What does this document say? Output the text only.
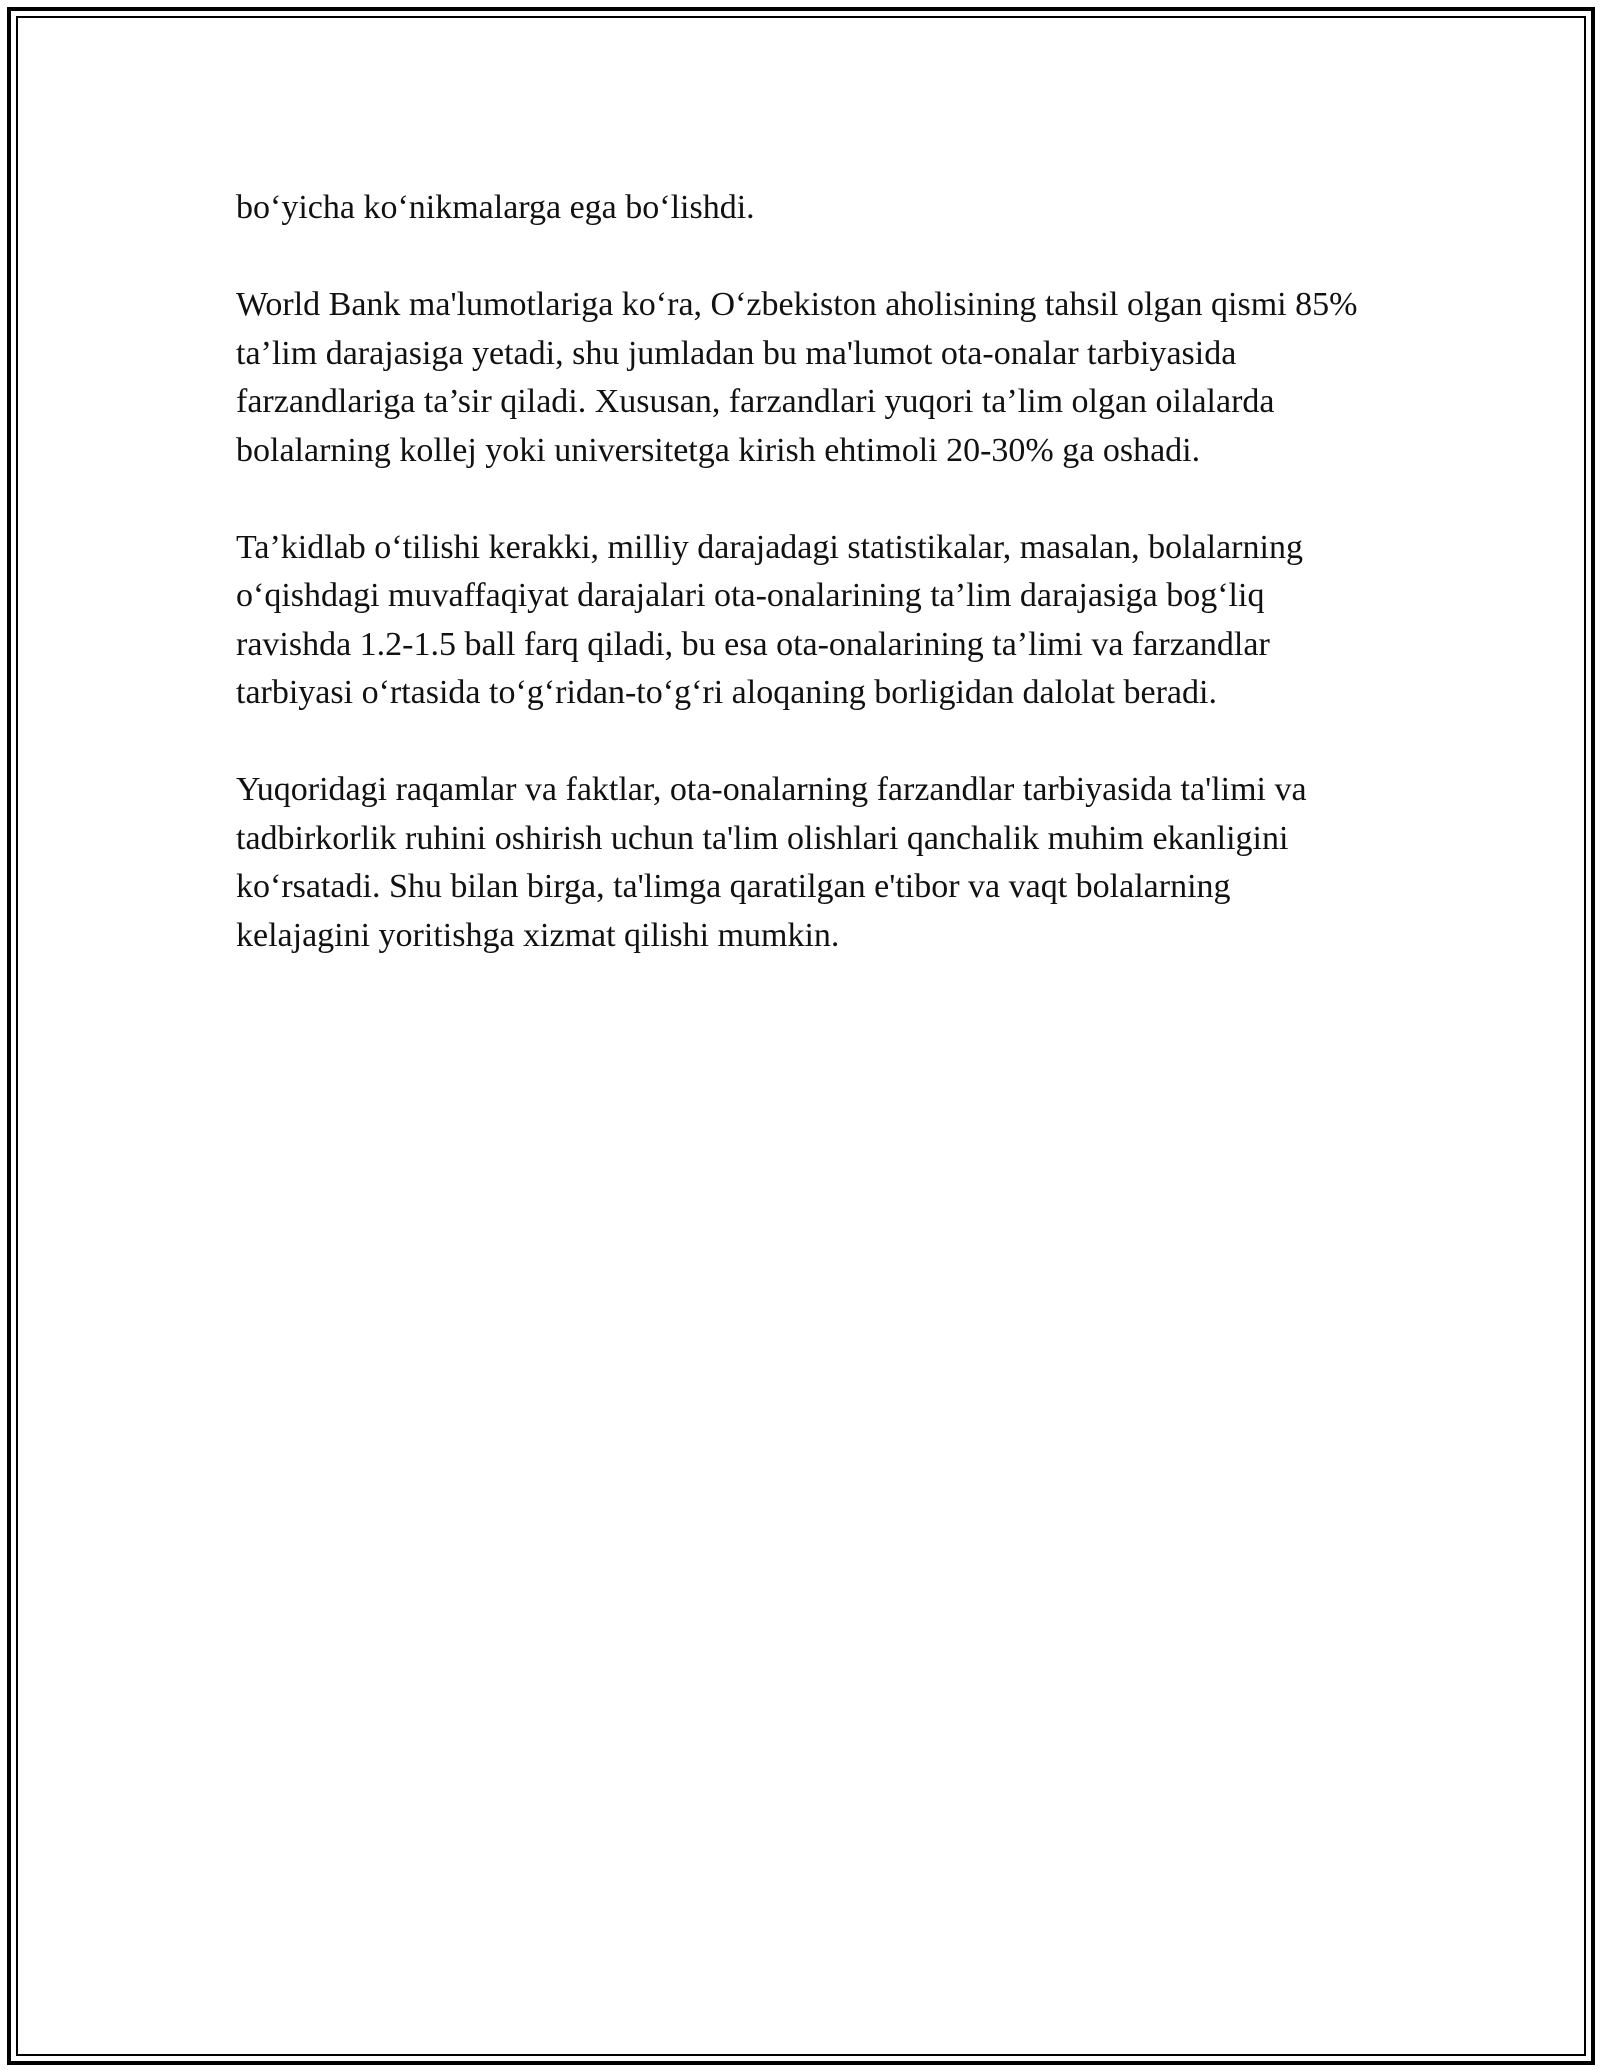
bo‘yicha ko‘nikmalarga ega bo‘lishdi.

World Bank ma'lumotlariga ko‘ra, O‘zbekiston aholisining tahsil olgan qismi 85% ta’lim darajasiga yetadi, shu jumladan bu ma'lumot ota-onalar tarbiyasida farzandlariga ta’sir qiladi. Xususan, farzandlari yuqori ta’lim olgan oilalarda bolalarning kollej yoki universitetga kirish ehtimoli 20-30% ga oshadi.

Ta’kidlab o‘tilishi kerakki, milliy darajadagi statistikalar, masalan, bolalarning o‘qishdagi muvaffaqiyat darajalari ota-onalarining ta’lim darajasiga bog‘liq ravishda 1.2-1.5 ball farq qiladi, bu esa ota-onalarining ta’limi va farzandlar tarbiyasi o‘rtasida to‘g‘ridan-to‘g‘ri aloqaning borligidan dalolat beradi.

Yuqoridagi raqamlar va faktlar, ota-onalarning farzandlar tarbiyasida ta'limi va tadbirkorlik ruhini oshirish uchun ta'lim olishlari qanchalik muhim ekanligini ko‘rsatadi. Shu bilan birga, ta'limga qaratilgan e'tibor va vaqt bolalarning kelajagini yoritishga xizmat qilishi mumkin.
